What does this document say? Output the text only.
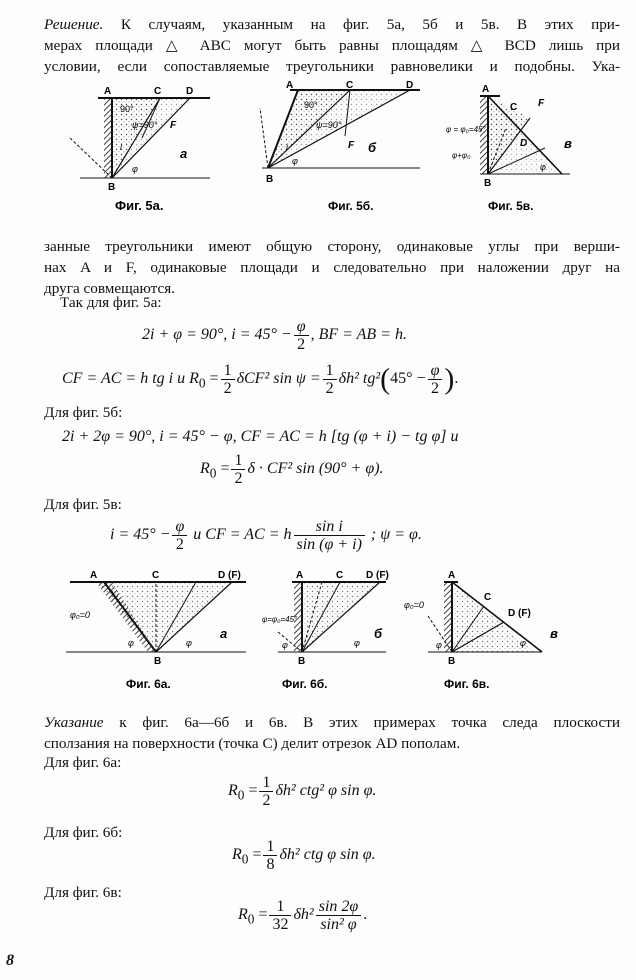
Решение. К случаям, указанным на фиг. 5а, 5б и 5в. В этих при-
мерах площади △ ABC могут быть равны площадям △ BCD лишь при
условии, если сопоставляемые треугольники равновелики и подобны. Ука-
A	C D
F
B
90°
ψ=90°
i
φ
а
Фиг. 5а.
A	C	D
F
B
90°
ψ=90°
i
φ
б
Фиг. 5б.
A
C F
D
B
φ = φ₀=45°
φ+φ₀
φ
в
Фиг. 5в.
занные треугольники имеют общую сторону, одинаковые углы при верши-
нах A и F, одинаковые площади и следовательно при наложении друг на
друга совмещаются.
Так для фиг. 5а:
2i + φ = 90°, $i = 45^\circ - \frac{\varphi}{2}$ , BF = AB = h.
CF = AC = h tg i и $R_0 = \frac{1}{2} \delta CF^2$ $\sin \psi = \frac{1}{2} \delta h^2$ $tg^2(45^\circ - \frac{\varphi}{2}$ ).
Для фиг. 5б:
2i + 2φ = 90°, i = 45° − φ, CF = AC = h [tg (φ + i) − tg φ] и
$R_0 = \frac{1}{2}$ δ · CF² sin (90° + φ).
Для фиг. 5в:
$i = 45^\circ - \frac{\varphi}{2}$ и CF = AC = h $\frac{\text{sin i}}{\sin (\varphi + i)}$ ; ψ = φ.
A	C	D (F)
B
φ₀=0
φ	φ
а
Фиг. 6а.
A	C D (F)
B
φ=φ₀=45°
φ	φ
б
Фиг. 6б.
A
C
D (F)
B
φ₀=0
φ	φ
в
Фиг. 6в.
Указание к фиг. 6а—6б и 6в. В этих примерах точка следа плоскости
сползания на поверхности (точка C) делит отрезок AD пополам.
Для фиг. 6а:
$R_0 = \frac{1}{2} \delta h^2$ ctg² φ sin φ.
Для фиг. 6б:
$R_0 = \frac{1}{8} \delta h^2$ ctg φ sin φ.
Для фиг. 6в:
$R_0 = \frac{1}{32} \delta h^2 \frac{\sin 2\varphi}{\text{sin² φ}}$ .
8
